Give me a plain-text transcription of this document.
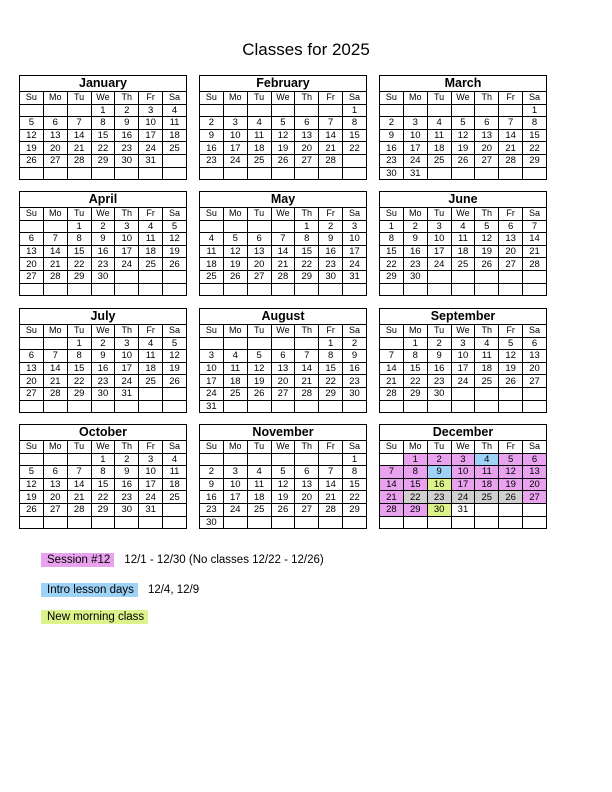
Classes for 2025
January						
Su	Mo	Tu	We	Th	Fr	Sa
			1	2	3	4
5	6	7	8	9	10	11
12	13	14	15	16	17	18
19	20	21	22	23	24	25
26	27	28	29	30	31	

February						
Su	Mo	Tu	We	Th	Fr	Sa
						1
2	3	4	5	6	7	8
9	10	11	12	13	14	15
16	17	18	19	20	21	22
23	24	25	26	27	28	

March						
Su	Mo	Tu	We	Th	Fr	Sa
						1
2	3	4	5	6	7	8
9	10	11	12	13	14	15
16	17	18	19	20	21	22
23	24	25	26	27	28	29
30	31					
April						
Su	Mo	Tu	We	Th	Fr	Sa
		1	2	3	4	5
6	7	8	9	10	11	12
13	14	15	16	17	18	19
20	21	22	23	24	25	26
27	28	29	30			

May						
Su	Mo	Tu	We	Th	Fr	Sa
				1	2	3
4	5	6	7	8	9	10
11	12	13	14	15	16	17
18	19	20	21	22	23	24
25	26	27	28	29	30	31

June						
Su	Mo	Tu	We	Th	Fr	Sa
1	2	3	4	5	6	7
8	9	10	11	12	13	14
15	16	17	18	19	20	21
22	23	24	25	26	27	28
29	30					

July						
Su	Mo	Tu	We	Th	Fr	Sa
		1	2	3	4	5
6	7	8	9	10	11	12
13	14	15	16	17	18	19
20	21	22	23	24	25	26
27	28	29	30	31		

August						
Su	Mo	Tu	We	Th	Fr	Sa
					1	2
3	4	5	6	7	8	9
10	11	12	13	14	15	16
17	18	19	20	21	22	23
24	25	26	27	28	29	30
31						
September						
Su	Mo	Tu	We	Th	Fr	Sa
	1	2	3	4	5	6
7	8	9	10	11	12	13
14	15	16	17	18	19	20
21	22	23	24	25	26	27
28	29	30				

October						
Su	Mo	Tu	We	Th	Fr	Sa
			1	2	3	4
5	6	7	8	9	10	11
12	13	14	15	16	17	18
19	20	21	22	23	24	25
26	27	28	29	30	31	

November						
Su	Mo	Tu	We	Th	Fr	Sa
						1
2	3	4	5	6	7	8
9	10	11	12	13	14	15
16	17	18	19	20	21	22
23	24	25	26	27	28	29
30						
December						
Su	Mo	Tu	We	Th	Fr	Sa
	1	2	3	4	5	6
7	8	9	10	11	12	13
14	15	16	17	18	19	20
21	22	23	24	25	26	27
28	29	30	31			

Session #12 12/1 - 12/30 (No classes 12/22 - 12/26)
Intro lesson days 12/4, 12/9
New morning class
